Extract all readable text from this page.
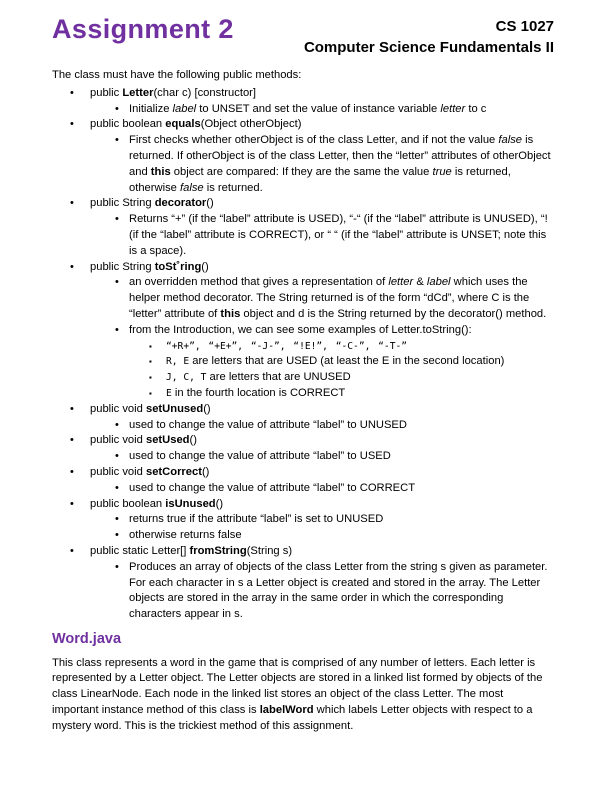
Assignment 2	CS 1027
Computer Science Fundamentals II

The class must have the following public methods:

• public Letter(char c) [constructor]
• Initialize label to UNSET and set the value of instance variable letter to c
• public boolean equals(Object otherObject)
• First checks whether otherObject is of the class Letter, and if not the value false is returned. If otherObject is of the class Letter, then the “letter” attributes of otherObject and this object are compared: If they are the same the value true is returned, otherwise false is returned.
• public String decorator()
• Returns “+” (if the “label” attribute is USED), “-“ (if the “label” attribute is UNUSED), “!(if the “label” attribute is CORRECT), or “ “ (if the “label” attribute is UNSET; note this is a space).
• public String toSt˚ring()
• an overridden method that gives a representation of letter & label which uses the helper method decorator. The String returned is of the form “dCd”, where C is the “letter” attribute of this object and d is the String returned by the decorator() method.
• from the Introduction, we can see some examples of Letter.toString():
▪ “+R+”, “+E+”, “-J-”, “!E!”, “-C-”, “-T-”
▪ R, E are letters that are USED (at least the E in the second location)
▪ J, C, T are letters that are UNUSED
▪ E in the fourth location is CORRECT
• public void setUnused()
• used to change the value of attribute “label” to UNUSED
• public void setUsed()
• used to change the value of attribute “label” to USED
• public void setCorrect()
• used to change the value of attribute “label” to CORRECT
• public boolean isUnused()
• returns true if the attribute “label” is set to UNUSED
• otherwise returns false
• public static Letter[] fromString(String s)
• Produces an array of objects of the class Letter from the string s given as parameter. For each character in s a Letter object is created and stored in the array. The Letter objects are stored in the array in the same order in which the corresponding characters appear in s.
Word.java

This class represents a word in the game that is comprised of any number of letters. Each letter is represented by a Letter object. The Letter objects are stored in a linked list formed by objects of the class LinearNode. Each node in the linked list stores an object of the class Letter. The most important instance method of this class is labelWord which labels Letter objects with respect to a mystery word. This is the trickiest method of this assignment.
